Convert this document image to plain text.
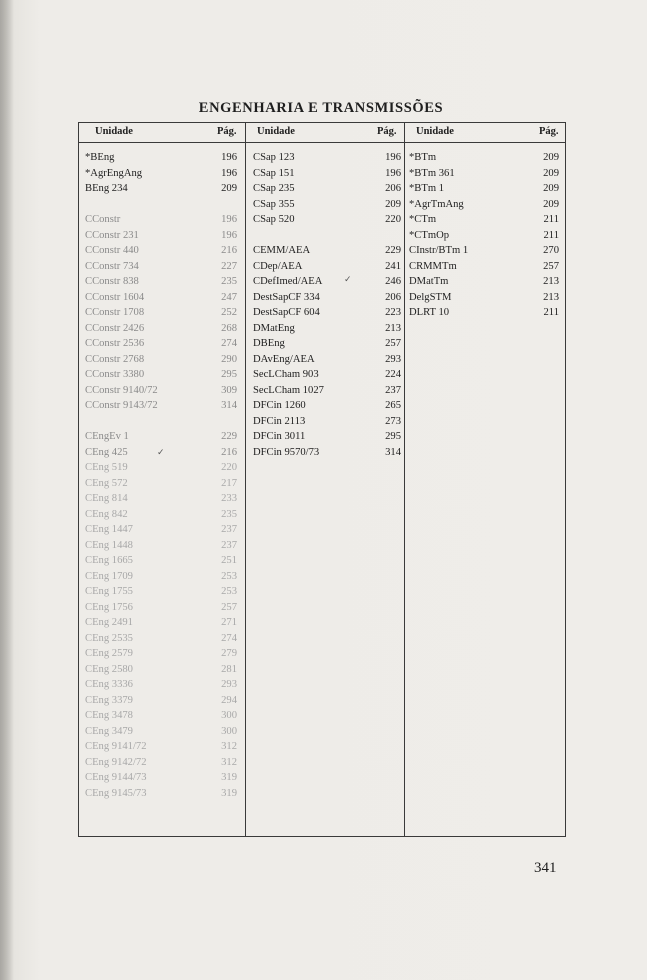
ENGENHARIA E TRANSMISSÕES
Unidade	Pág. Unidade	Pág. Unidade	Pág.
*BEng	196
*AgrEngAng	196
BEng 234	209
CConstr	196
CConstr 231	196
CConstr 440	216
CConstr 734	227
CConstr 838	235
CConstr 1604	247
CConstr 1708	252
CConstr 2426	268
CConstr 2536	274
CConstr 2768	290
CConstr 3380	295
CConstr 9140/72	309
CConstr 9143/72	314
CEngEv 1	229
CEng 425	216
CEng 519	220
CEng 572	217
CEng 814	233
CEng 842	235
CEng 1447	237
CEng 1448	237
CEng 1665	251
CEng 1709	253
CEng 1755	253
CEng 1756	257
CEng 2491	271
CEng 2535	274
CEng 2579	279
CEng 2580	281
CEng 3336	293
CEng 3379	294
CEng 3478	300
CEng 3479	300
CEng 9141/72	312
CEng 9142/72	312
CEng 9144/73	319
CEng 9145/73	319
CSap 123	196
CSap 151	196
CSap 235	206
CSap 355	209
CSap 520	220
CEMM/AEA	229
CDep/AEA	241
CDefImed/AEA	246
DestSapCF 334	206
DestSapCF 604	223
DMatEng	213
DBEng	257
DAvEng/AEA	293
SecLCham 903	224
SecLCham 1027	237
DFCin 1260	265
DFCin 2113	273
DFCin 3011	295
DFCin 9570/73	314
*BTm	209
*BTm 361	209
*BTm 1	209
*AgrTmAng	209
*CTm	211
*CTmOp	211
CInstr/BTm 1	270
CRMMTm	257
DMatTm	213
DelgSTM	213
DLRT 10	211
✓
✓
341
